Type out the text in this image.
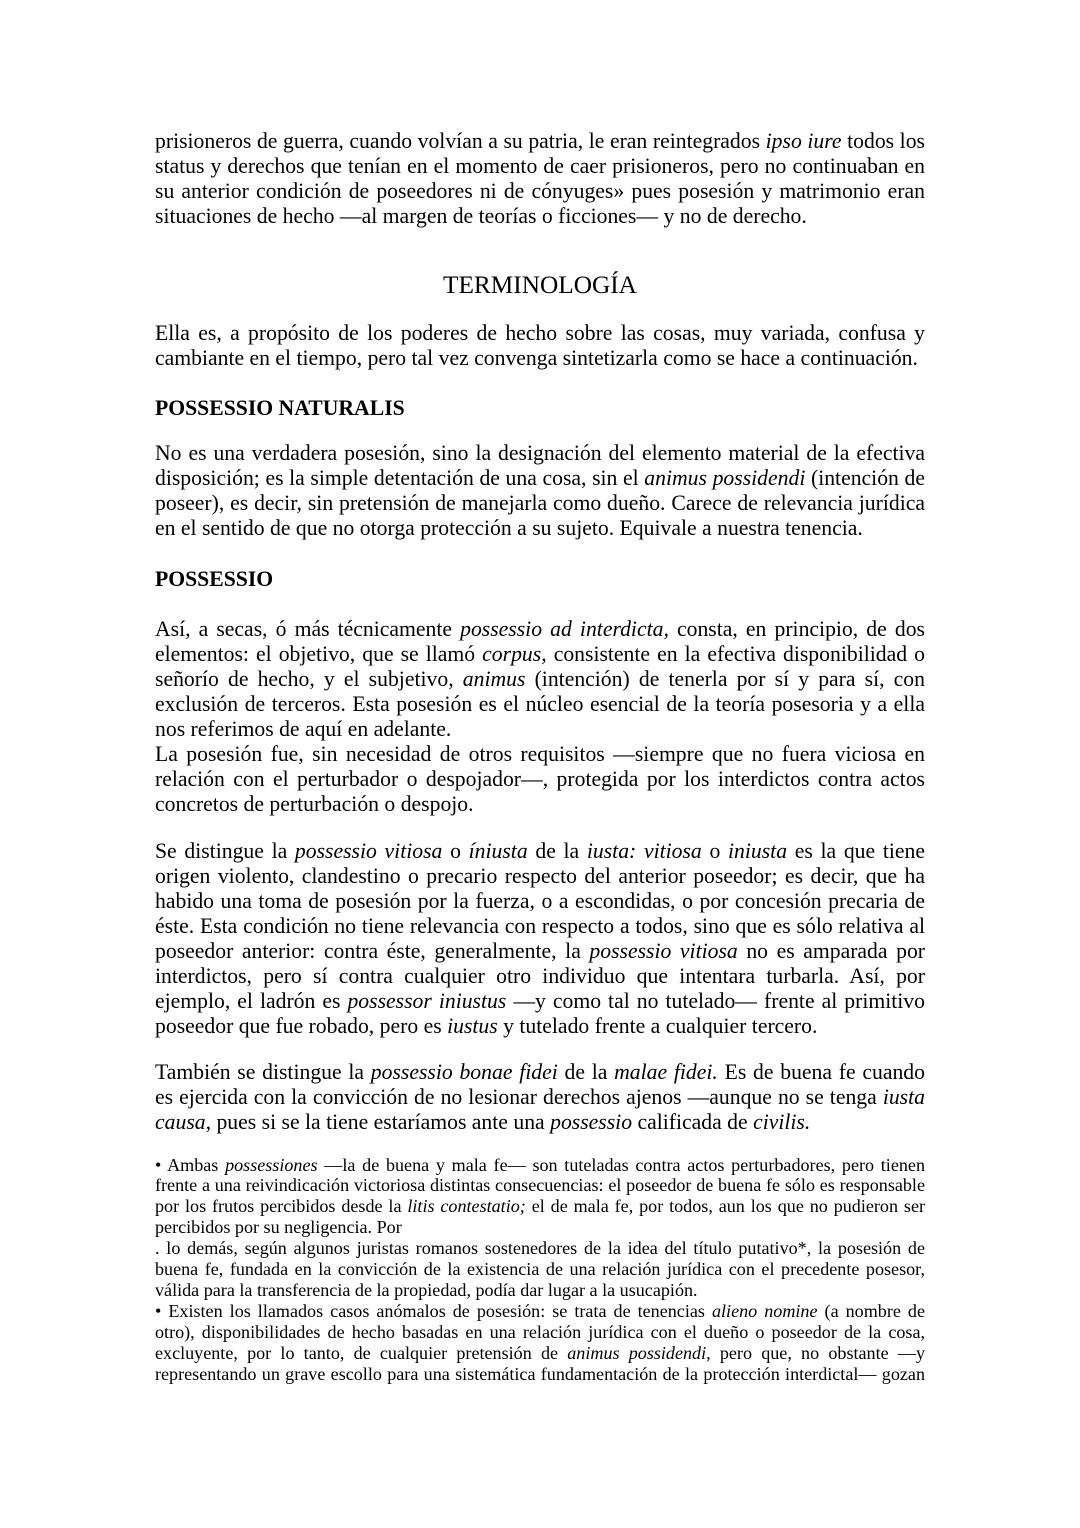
prisioneros de guerra, cuando volvían a su patria, le eran reintegrados ipso iure todos los
status y derechos que tenían en el momento de caer prisioneros, pero no continuaban en
su anterior condición de poseedores ni de cónyuges» pues posesión y matrimonio eran
situaciones de hecho —al margen de teorías o ficciones— y no de derecho.
TERMINOLOGÍA
Ella es, a propósito de los poderes de hecho sobre las cosas, muy variada, confusa y
cambiante en el tiempo, pero tal vez convenga sintetizarla como se hace a continuación.
POSSESSIO NATURALIS
No es una verdadera posesión, sino la designación del elemento material de la efectiva
disposición; es la simple detentación de una cosa, sin el animus possidendi (intención de
poseer), es decir, sin pretensión de manejarla como dueño. Carece de relevancia jurídica
en el sentido de que no otorga protección a su sujeto. Equivale a nuestra tenencia.
POSSESSIO
Así, a secas, ó más técnicamente possessio ad interdicta, consta, en principio, de dos
elementos: el objetivo, que se llamó corpus, consistente en la efectiva disponibilidad o
señorío de hecho, y el subjetivo, animus (intención) de tenerla por sí y para sí, con
exclusión de terceros. Esta posesión es el núcleo esencial de la teoría posesoria y a ella
nos referimos de aquí en adelante.
La posesión fue, sin necesidad de otros requisitos —siempre que no fuera viciosa en
relación con el perturbador o despojador—, protegida por los interdictos contra actos
concretos de perturbación o despojo.
Se distingue la possessio vitiosa o íniusta de la iusta: vitiosa o iniusta es la que tiene
origen violento, clandestino o precario respecto del anterior poseedor; es decir, que ha
habido una toma de posesión por la fuerza, o a escondidas, o por concesión precaria de
éste. Esta condición no tiene relevancia con respecto a todos, sino que es sólo relativa al
poseedor anterior: contra éste, generalmente, la possessio vitiosa no es amparada por
interdictos, pero sí contra cualquier otro individuo que intentara turbarla. Así, por
ejemplo, el ladrón es possessor iniustus —y como tal no tutelado— frente al primitivo
poseedor que fue robado, pero es iustus y tutelado frente a cualquier tercero.
También se distingue la possessio bonae fidei de la malae fidei. Es de buena fe cuando
es ejercida con la convicción de no lesionar derechos ajenos —aunque no se tenga iusta
causa, pues si se la tiene estaríamos ante una possessio calificada de civilis.
• Ambas possessiones —la de buena y mala fe— son tuteladas contra actos perturbadores, pero tienen
frente a una reivindicación victoriosa distintas consecuencias: el poseedor de buena fe sólo es responsable
por los frutos percibidos desde la litis contestatio; el de mala fe, por todos, aun los que no pudieron ser
percibidos por su negligencia. Por
. lo demás, según algunos juristas romanos sostenedores de la idea del título putativo*, la posesión de
buena fe, fundada en la convicción de la existencia de una relación jurídica con el precedente posesor,
válida para la transferencia de la propiedad, podía dar lugar a la usucapión.
• Existen los llamados casos anómalos de posesión: se trata de tenencias alieno nomine (a nombre de
otro), disponibilidades de hecho basadas en una relación jurídica con el dueño o poseedor de la cosa,
excluyente, por lo tanto, de cualquier pretensión de animus possidendi, pero que, no obstante —y
representando un grave escollo para una sistemática fundamentación de la protección interdictal— gozan
